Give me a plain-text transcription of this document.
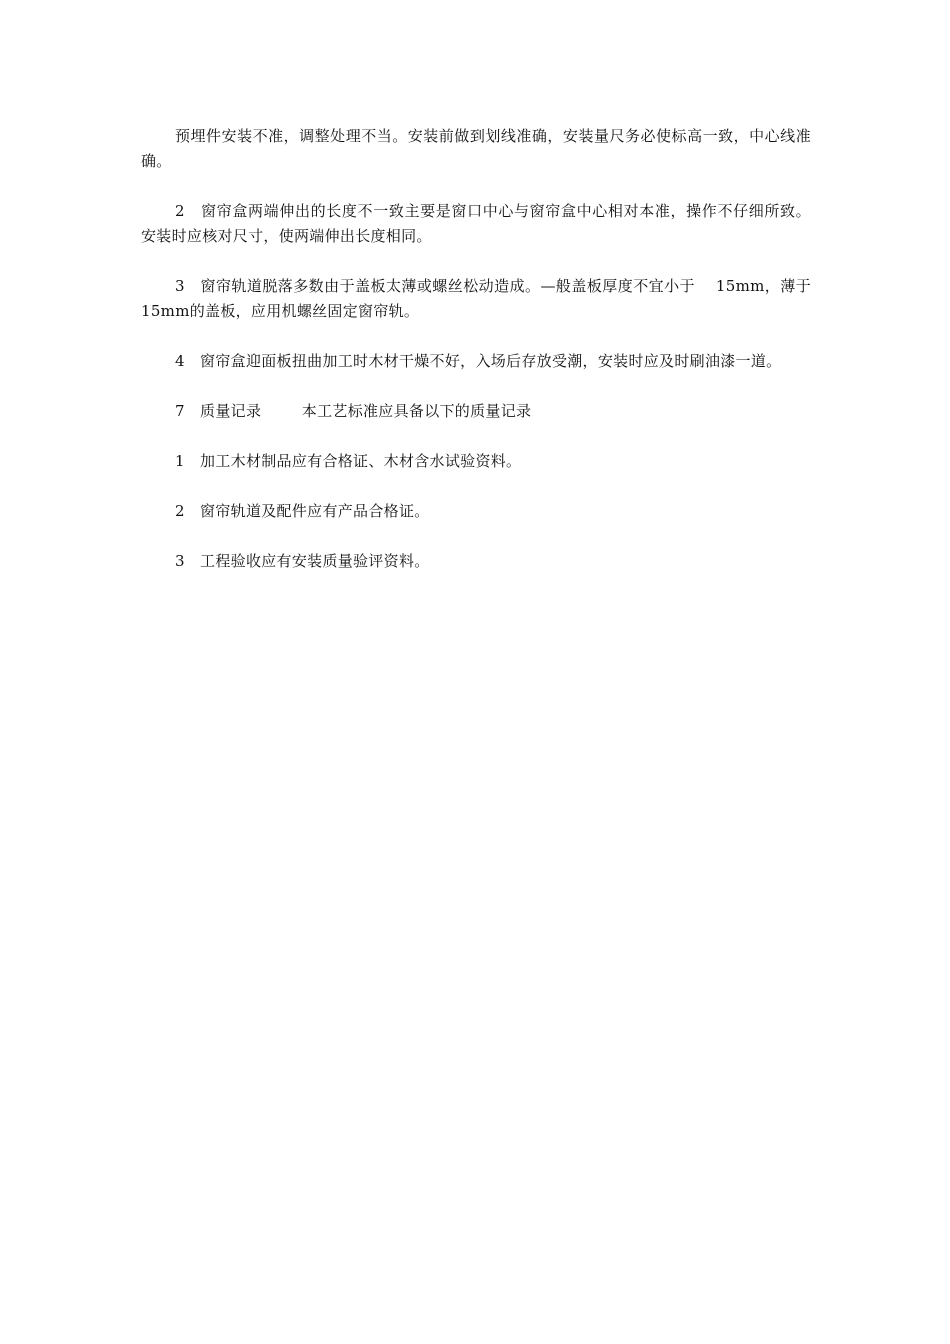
预埋件安装不准，调整处理不当。安装前做到划线准确，安装量尺务必使标高一致，中心线准确。

2   窗帘盒两端伸出的长度不一致主要是窗口中心与窗帘盒中心相对本准，操作不仔细所致。安装时应核对尺寸，使两端伸出长度相同。

3   窗帘轨道脱落多数由于盖板太薄或螺丝松动造成。—般盖板厚度不宜小于    15mm，薄于15mm的盖板，应用机螺丝固定窗帘轨。

4   窗帘盒迎面板扭曲加工时木材干燥不好，入场后存放受潮，安装时应及时刷油漆一道。

7   质量记录        本工艺标准应具备以下的质量记录

1   加工木材制品应有合格证、木材含水试验资料。

2   窗帘轨道及配件应有产品合格证。

3   工程验收应有安装质量验评资料。
